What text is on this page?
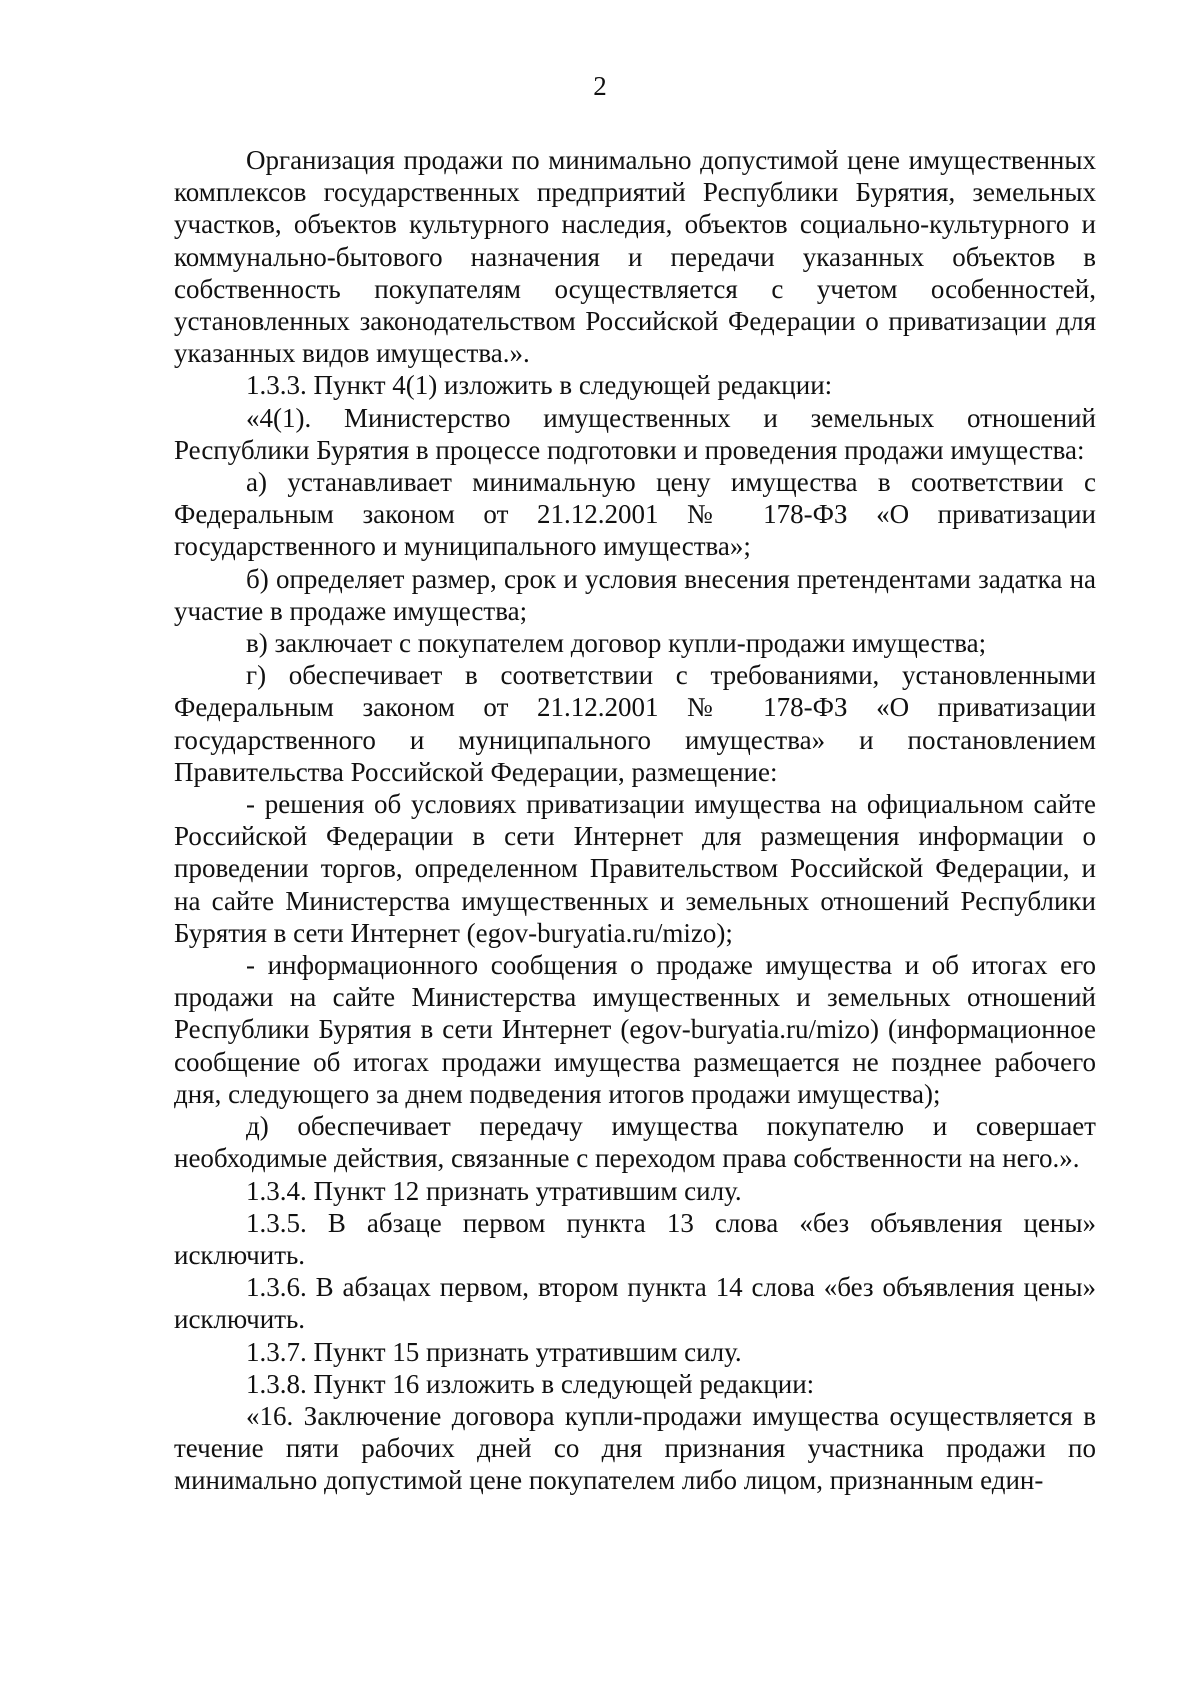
2

Организация продажи по минимально допустимой цене имущественных комплексов государственных предприятий Республики Бурятия, земельных участков, объектов культурного наследия, объектов социально-культурного и коммунально-бытового назначения и передачи указанных объектов в собственность покупателям осуществляется с учетом особенностей, установленных законодательством Российской Федерации о приватизации для указанных видов имущества.».

1.3.3. Пункт 4(1) изложить в следующей редакции:

«4(1). Министерство имущественных и земельных отношений Республики Бурятия в процессе подготовки и проведения продажи имущества:

а) устанавливает минимальную цену имущества в соответствии с Федеральным законом от 21.12.2001 № 178-ФЗ «О приватизации государственного и муниципального имущества»;

б) определяет размер, срок и условия внесения претендентами задатка на участие в продаже имущества;

в) заключает с покупателем договор купли-продажи имущества;

г) обеспечивает в соответствии с требованиями, установленными Федеральным законом от 21.12.2001 № 178-ФЗ «О приватизации государственного и муниципального имущества» и постановлением Правительства Российской Федерации, размещение:

- решения об условиях приватизации имущества на официальном сайте Российской Федерации в сети Интернет для размещения информации о проведении торгов, определенном Правительством Российской Федерации, и на сайте Министерства имущественных и земельных отношений Республики Бурятия в сети Интернет (egov-buryatia.ru/mizo);

- информационного сообщения о продаже имущества и об итогах его продажи на сайте Министерства имущественных и земельных отношений Республики Бурятия в сети Интернет (egov-buryatia.ru/mizo) (информационное сообщение об итогах продажи имущества размещается не позднее рабочего дня, следующего за днем подведения итогов продажи имущества);

д) обеспечивает передачу имущества покупателю и совершает необходимые действия, связанные с переходом права собственности на него.».

1.3.4. Пункт 12 признать утратившим силу.

1.3.5. В абзаце первом пункта 13 слова «без объявления цены» исключить.

1.3.6. В абзацах первом, втором пункта 14 слова «без объявления цены» исключить.

1.3.7. Пункт 15 признать утратившим силу.

1.3.8. Пункт 16 изложить в следующей редакции:

«16. Заключение договора купли-продажи имущества осуществляется в течение пяти рабочих дней со дня признания участника продажи по минимально допустимой цене покупателем либо лицом, признанным един-
